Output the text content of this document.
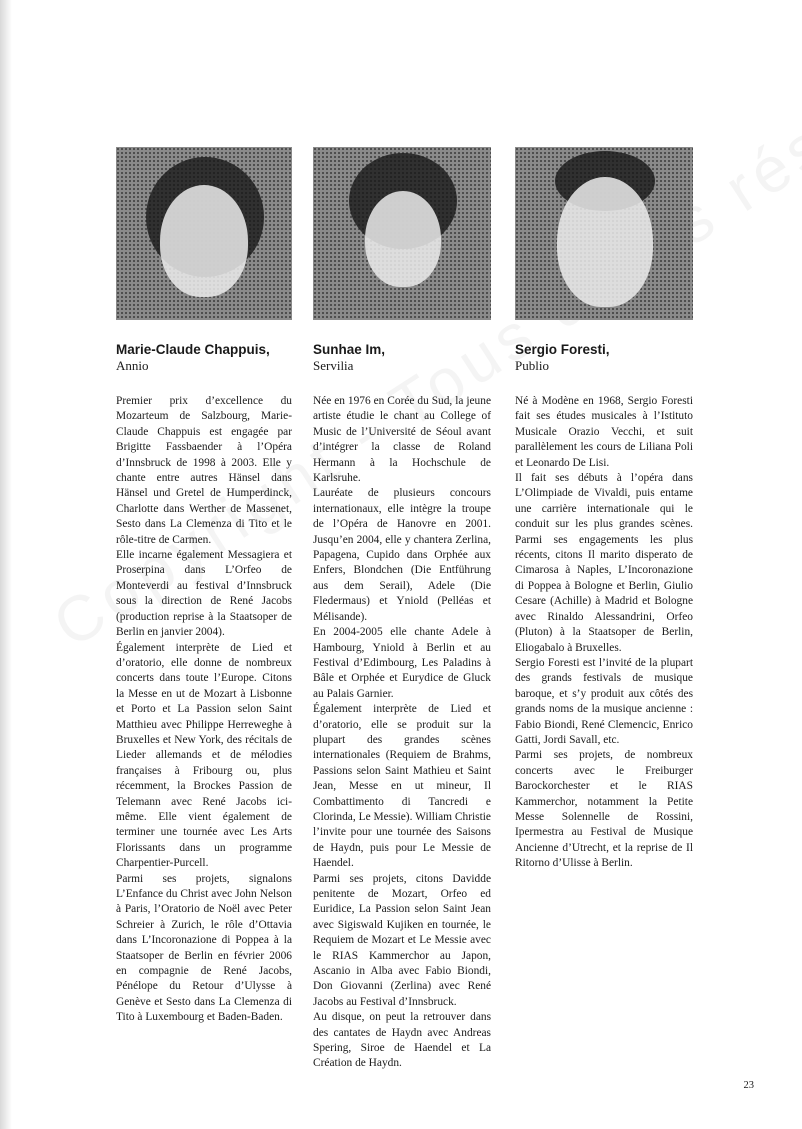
Marie-Claude Chappuis,
Annio

Premier prix d’excellence du Mozarteum de Salzbourg, Marie-Claude Chappuis est engagée par Brigitte Fassbaender à l’Opéra d’Innsbruck de 1998 à 2003. Elle y chante entre autres Hänsel dans Hänsel und Gretel de Humperdinck, Charlotte dans Werther de Massenet, Sesto dans La Clemenza di Tito et le rôle-titre de Carmen.

Elle incarne également Messagiera et Proserpina dans L’Orfeo de Monteverdi au festival d’Innsbruck sous la direction de René Jacobs (production reprise à la Staatsoper de Berlin en janvier 2004).

Également interprète de Lied et d’oratorio, elle donne de nombreux concerts dans toute l’Europe. Citons la Messe en ut de Mozart à Lisbonne et Porto et La Passion selon Saint Matthieu avec Philippe Herreweghe à Bruxelles et New York, des récitals de Lieder allemands et de mélodies françaises à Fribourg ou, plus récemment, la Brockes Passion de Telemann avec René Jacobs ici-même. Elle vient également de terminer une tournée avec Les Arts Florissants dans un programme Charpentier-Purcell.

Parmi ses projets, signalons L’Enfance du Christ avec John Nelson à Paris, l’Oratorio de Noël avec Peter Schreier à Zurich, le rôle d’Ottavia dans L’Incoronazione di Poppea à la Staatsoper de Berlin en février 2006 en compagnie de René Jacobs, Pénélope du Retour d’Ulysse à Genève et Sesto dans La Clemenza di Tito à Luxembourg et Baden-Baden.

Sunhae Im,
Servilia

Née en 1976 en Corée du Sud, la jeune artiste étudie le chant au College of Music de l’Université de Séoul avant d’intégrer la classe de Roland Hermann à la Hochschule de Karlsruhe.

Lauréate de plusieurs concours internationaux, elle intègre la troupe de l’Opéra de Hanovre en 2001. Jusqu’en 2004, elle y chantera Zerlina, Papagena, Cupido dans Orphée aux Enfers, Blondchen (Die Entführung aus dem Serail), Adele (Die Fledermaus) et Yniold (Pelléas et Mélisande).

En 2004-2005 elle chante Adele à Hambourg, Yniold à Berlin et au Festival d’Edimbourg, Les Paladins à Bâle et Orphée et Eurydice de Gluck au Palais Garnier.

Également interprète de Lied et d’oratorio, elle se produit sur la plupart des grandes scènes internationales (Requiem de Brahms, Passions selon Saint Mathieu et Saint Jean, Messe en ut mineur, Il Combattimento di Tancredi e Clorinda, Le Messie). William Christie l’invite pour une tournée des Saisons de Haydn, puis pour Le Messie de Haendel.

Parmi ses projets, citons Davidde penitente de Mozart, Orfeo ed Euridice, La Passion selon Saint Jean avec Sigiswald Kujiken en tournée, le Requiem de Mozart et Le Messie avec le RIAS Kammerchor au Japon, Ascanio in Alba avec Fabio Biondi, Don Giovanni (Zerlina) avec René Jacobs au Festival d’Innsbruck.

Au disque, on peut la retrouver dans des cantates de Haydn avec Andreas Spering, Siroe de Haendel et La Création de Haydn.

Sergio Foresti,
Publio

Né à Modène en 1968, Sergio Foresti fait ses études musicales à l’Istituto Musicale Orazio Vecchi, et suit parallèlement les cours de Liliana Poli et Leonardo De Lisi.

Il fait ses débuts à l’opéra dans L’Olimpiade de Vivaldi, puis entame une carrière internationale qui le conduit sur les plus grandes scènes. Parmi ses engagements les plus récents, citons Il marito disperato de Cimarosa à Naples, L’Incoronazione di Poppea à Bologne et Berlin, Giulio Cesare (Achille) à Madrid et Bologne avec Rinaldo Alessandrini, Orfeo (Pluton) à la Staatsoper de Berlin, Eliogabalo à Bruxelles.

Sergio Foresti est l’invité de la plupart des grands festivals de musique baroque, et s’y produit aux côtés des grands noms de la musique ancienne : Fabio Biondi, René Clemencic, Enrico Gatti, Jordi Savall, etc.

Parmi ses projets, de nombreux concerts avec le Freiburger Barockorchester et le RIAS Kammerchor, notamment la Petite Messe Solennelle de Rossini, Ipermestra au Festival de Musique Ancienne d’Utrecht, et la reprise de Il Ritorno d’Ulisse à Berlin.

23
